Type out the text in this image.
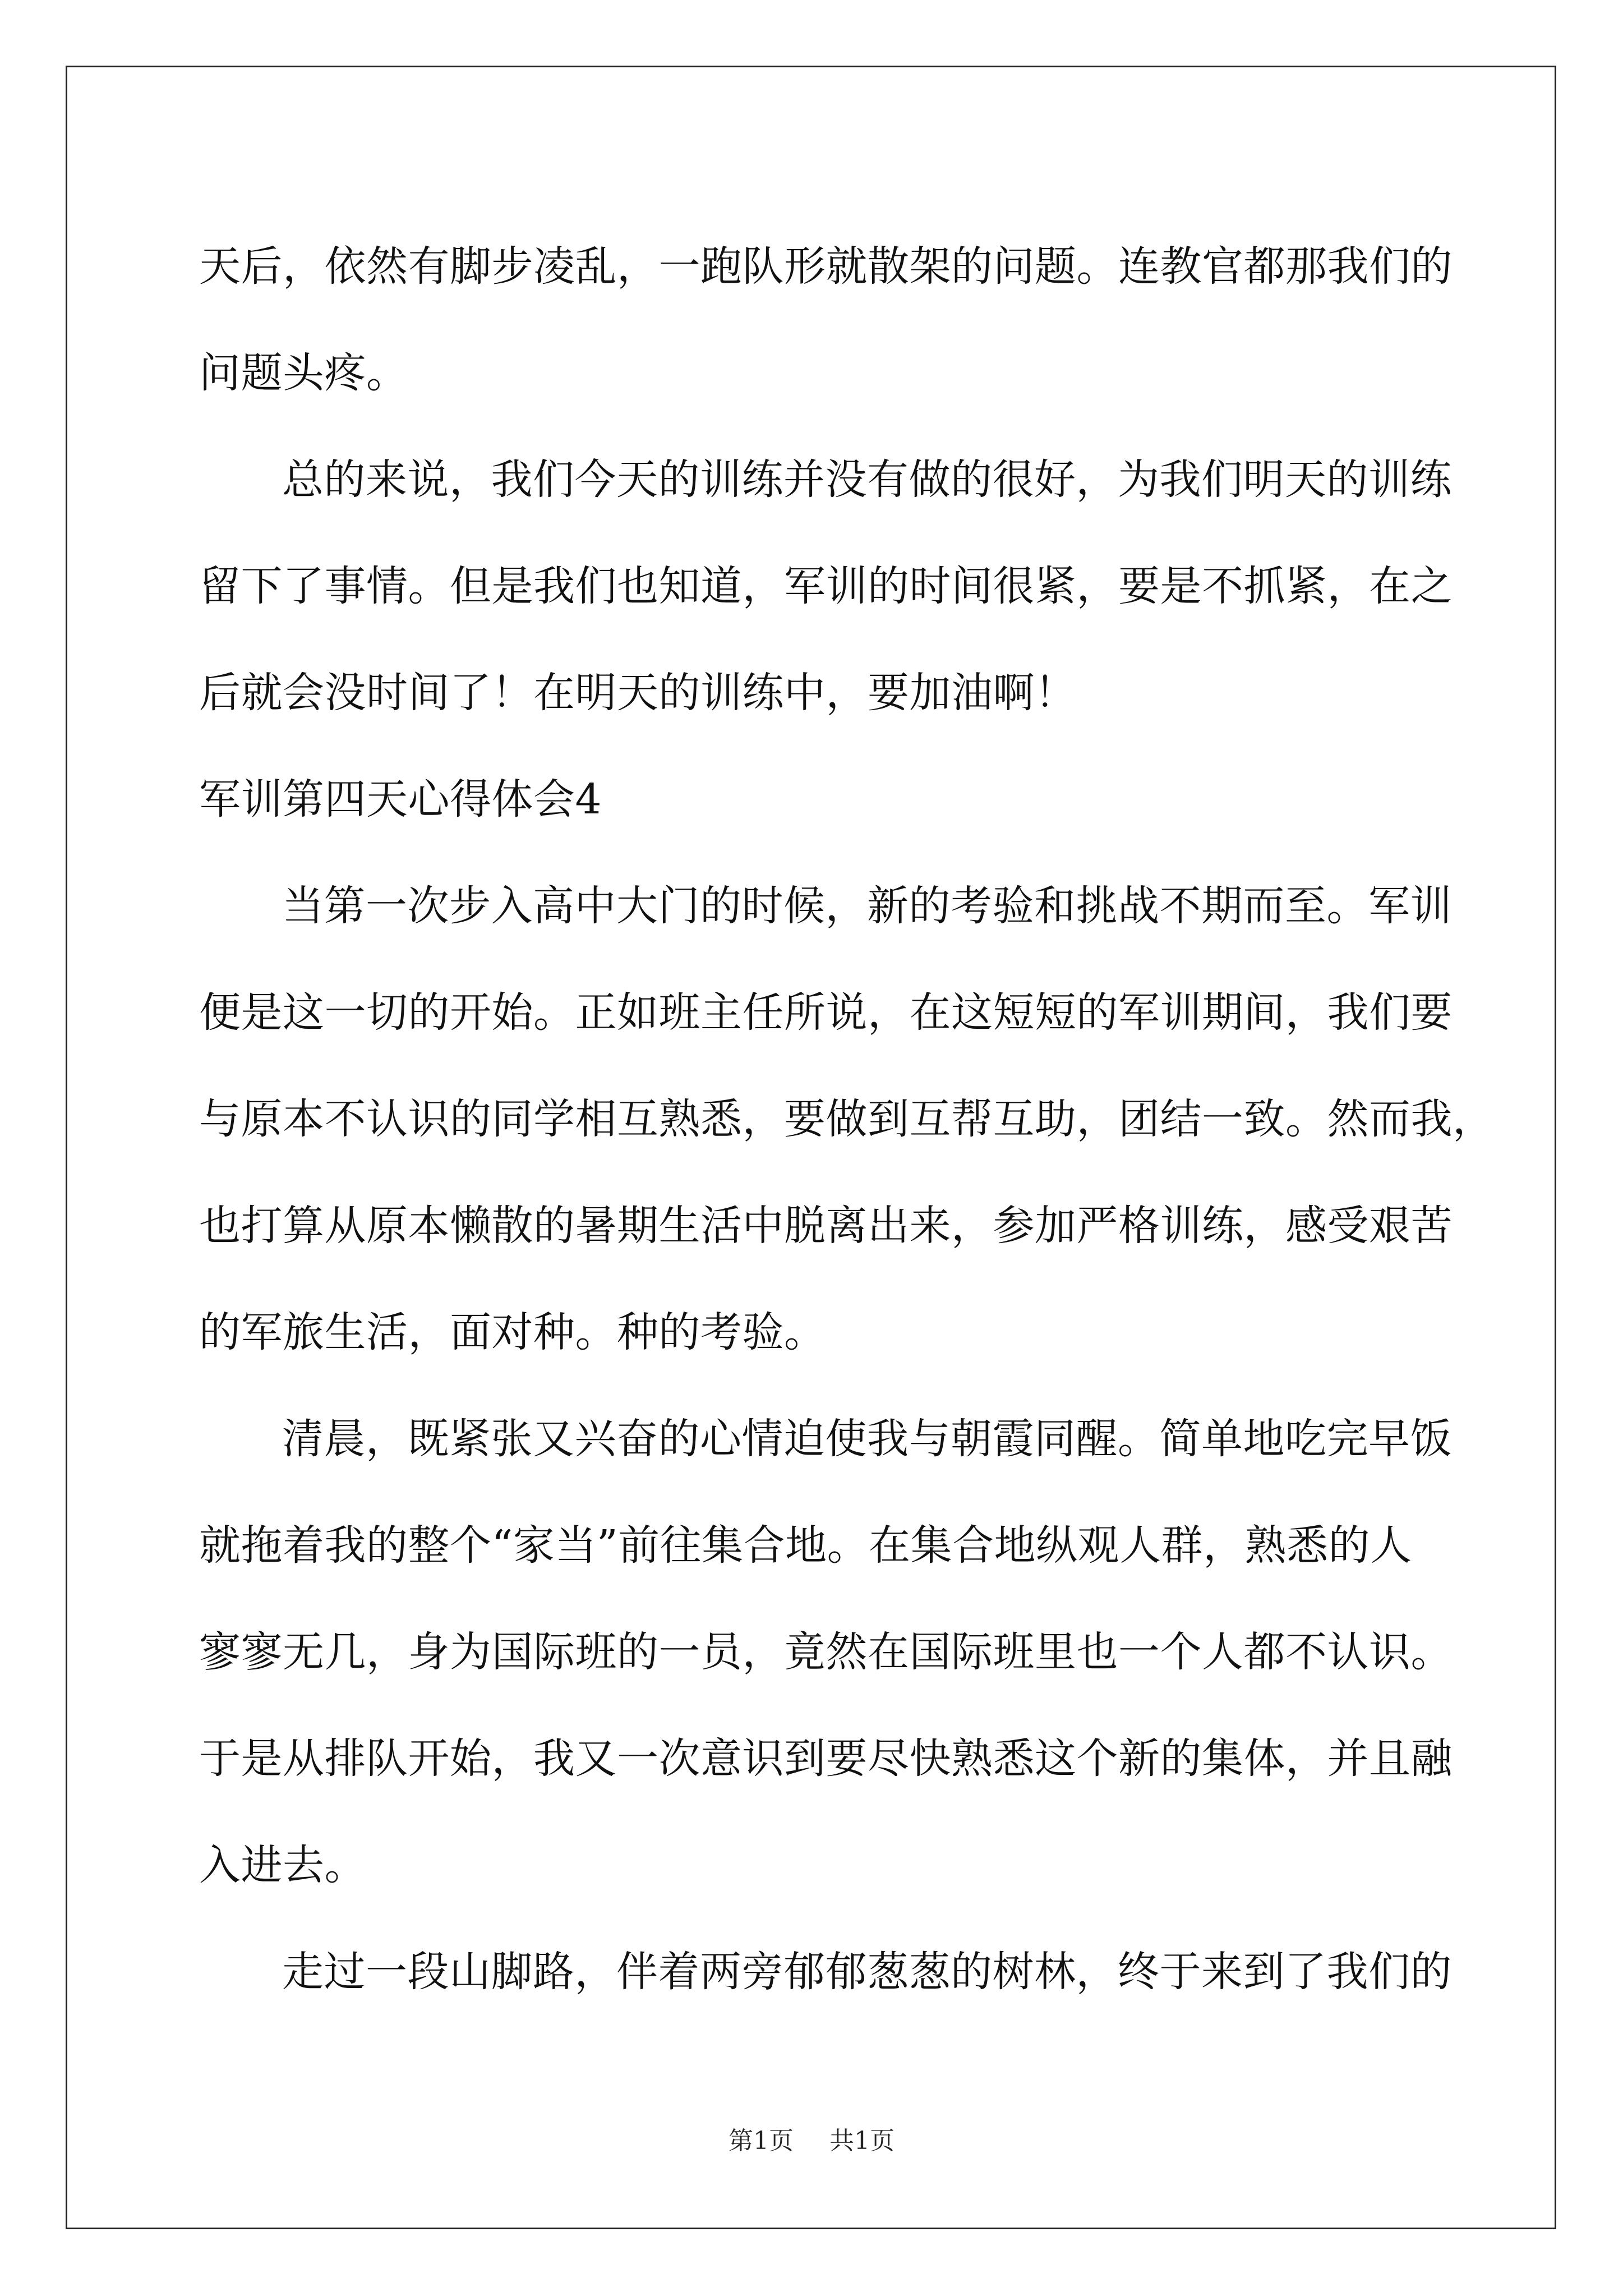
天后，依然有脚步凌乱，一跑队形就散架的问题。连教官都那我们的
问题头疼。
总的来说，我们今天的训练并没有做的很好，为我们明天的训练
留下了事情。但是我们也知道，军训的时间很紧，要是不抓紧，在之
后就会没时间了！在明天的训练中，要加油啊！
军训第四天心得体会4
当第一次步入高中大门的时候，新的考验和挑战不期而至。军训
便是这一切的开始。正如班主任所说，在这短短的军训期间，我们要
与原本不认识的同学相互熟悉，要做到互帮互助，团结一致。然而我，
也打算从原本懒散的暑期生活中脱离出来，参加严格训练，感受艰苦
的军旅生活，面对种。种的考验。
清晨，既紧张又兴奋的心情迫使我与朝霞同醒。简单地吃完早饭
就拖着我的整个“家当”前往集合地。在集合地纵观人群，熟悉的人
寥寥无几，身为国际班的一员，竟然在国际班里也一个人都不认识。
于是从排队开始，我又一次意识到要尽快熟悉这个新的集体，并且融
入进去。
走过一段山脚路，伴着两旁郁郁葱葱的树林，终于来到了我们的
第1页 共1页
